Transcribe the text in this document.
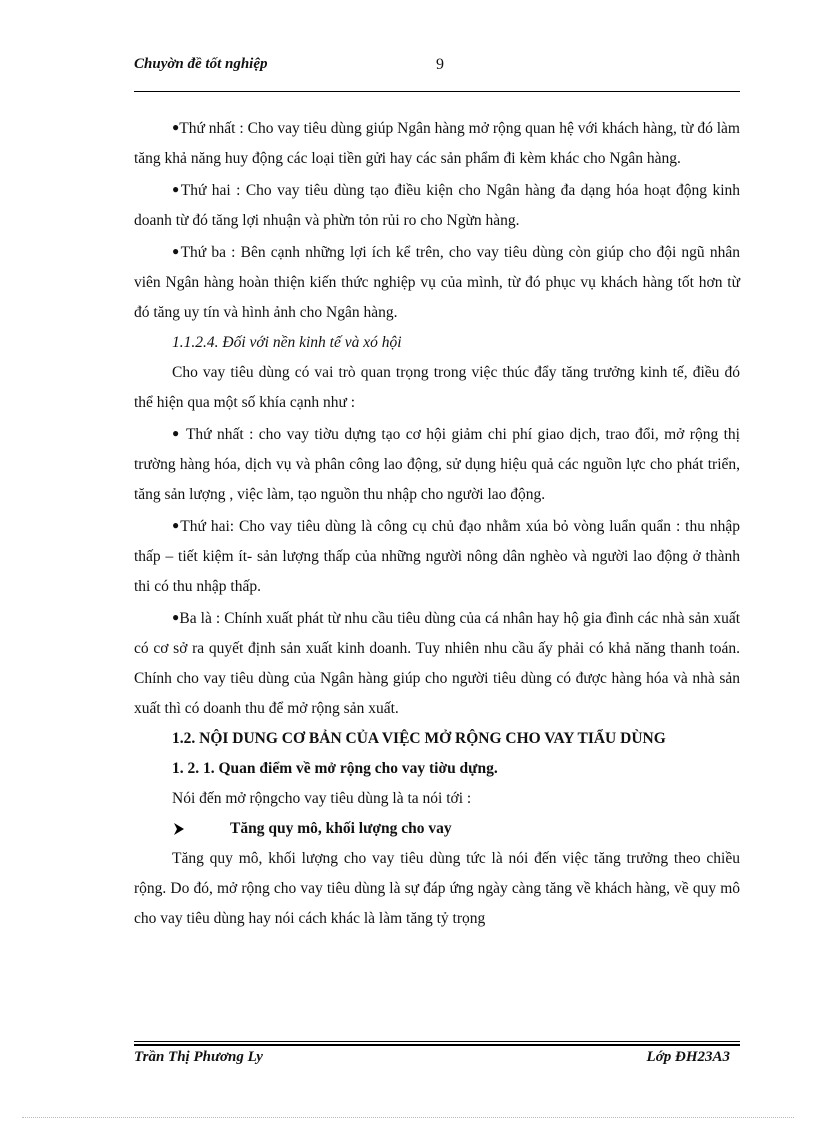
Chuyờn đề tốt nghiệp	9

●Thứ nhất : Cho vay tiêu dùng giúp Ngân hàng mở rộng quan hệ với khách hàng, từ đó làm tăng khả năng huy động các loại tiền gửi hay các sản phẩm đi kèm khác cho Ngân hàng.

●Thứ hai : Cho vay tiêu dùng tạo điều kiện cho Ngân hàng đa dạng hóa hoạt động kinh doanh từ đó tăng lợi nhuận và phừn tỏn rủi ro cho Ngừn hàng.

●Thứ ba : Bên cạnh những lợi ích kể trên, cho vay tiêu dùng còn giúp cho đội ngũ nhân viên Ngân hàng hoàn thiện kiến thức nghiệp vụ của mình, từ đó phục vụ khách hàng tốt hơn từ đó tăng uy tín và hình ảnh cho Ngân hàng.

1.1.2.4. Đối với nền kinh tế và xó hội

Cho vay tiêu dùng có vai trò quan trọng trong việc thúc đẩy tăng trưởng kinh tế, điều đó thể hiện qua một số khía cạnh như :

● Thứ nhất : cho vay tiờu dựng tạo cơ hội giảm chi phí giao dịch, trao đổi, mở rộng thị trường hàng hóa, dịch vụ và phân công lao động, sử dụng hiệu quả các nguồn lực cho phát triển, tăng sản lượng , việc làm, tạo nguồn thu nhập cho người lao động.

●Thứ hai: Cho vay tiêu dùng là công cụ chủ đạo nhằm xúa bỏ vòng luẩn quẩn : thu nhập thấp – tiết kiệm ít- sản lượng thấp của những người nông dân nghèo và người lao động ở thành thi có thu nhập thấp.

●Ba là : Chính xuất phát từ nhu cầu tiêu dùng của cá nhân hay hộ gia đình các nhà sản xuất có cơ sở ra quyết định sản xuất kinh doanh. Tuy nhiên nhu cầu ấy phải có khả năng thanh toán. Chính cho vay tiêu dùng của Ngân hàng giúp cho người tiêu dùng có được hàng hóa và nhà sản xuất thì có doanh thu để mở rộng sản xuất.

1.2. NỘI DUNG CƠ BẢN CỦA VIỆC MỞ RỘNG CHO VAY TIẨU DÙNG

1. 2. 1. Quan điểm về mở rộng cho vay tiờu dựng.

Nói đến mở rộngcho vay tiêu dùng là ta nói tới :

Tăng quy mô, khối lượng cho vay

Tăng quy mô, khối lượng cho vay tiêu dùng tức là nói đến việc tăng trưởng theo chiều rộng. Do đó, mở rộng cho vay tiêu dùng là sự đáp ứng ngày càng tăng về khách hàng, về quy mô cho vay tiêu dùng hay nói cách khác là làm tăng tỷ trọng

Trần Thị Phương Ly	Lớp ĐH23A3
